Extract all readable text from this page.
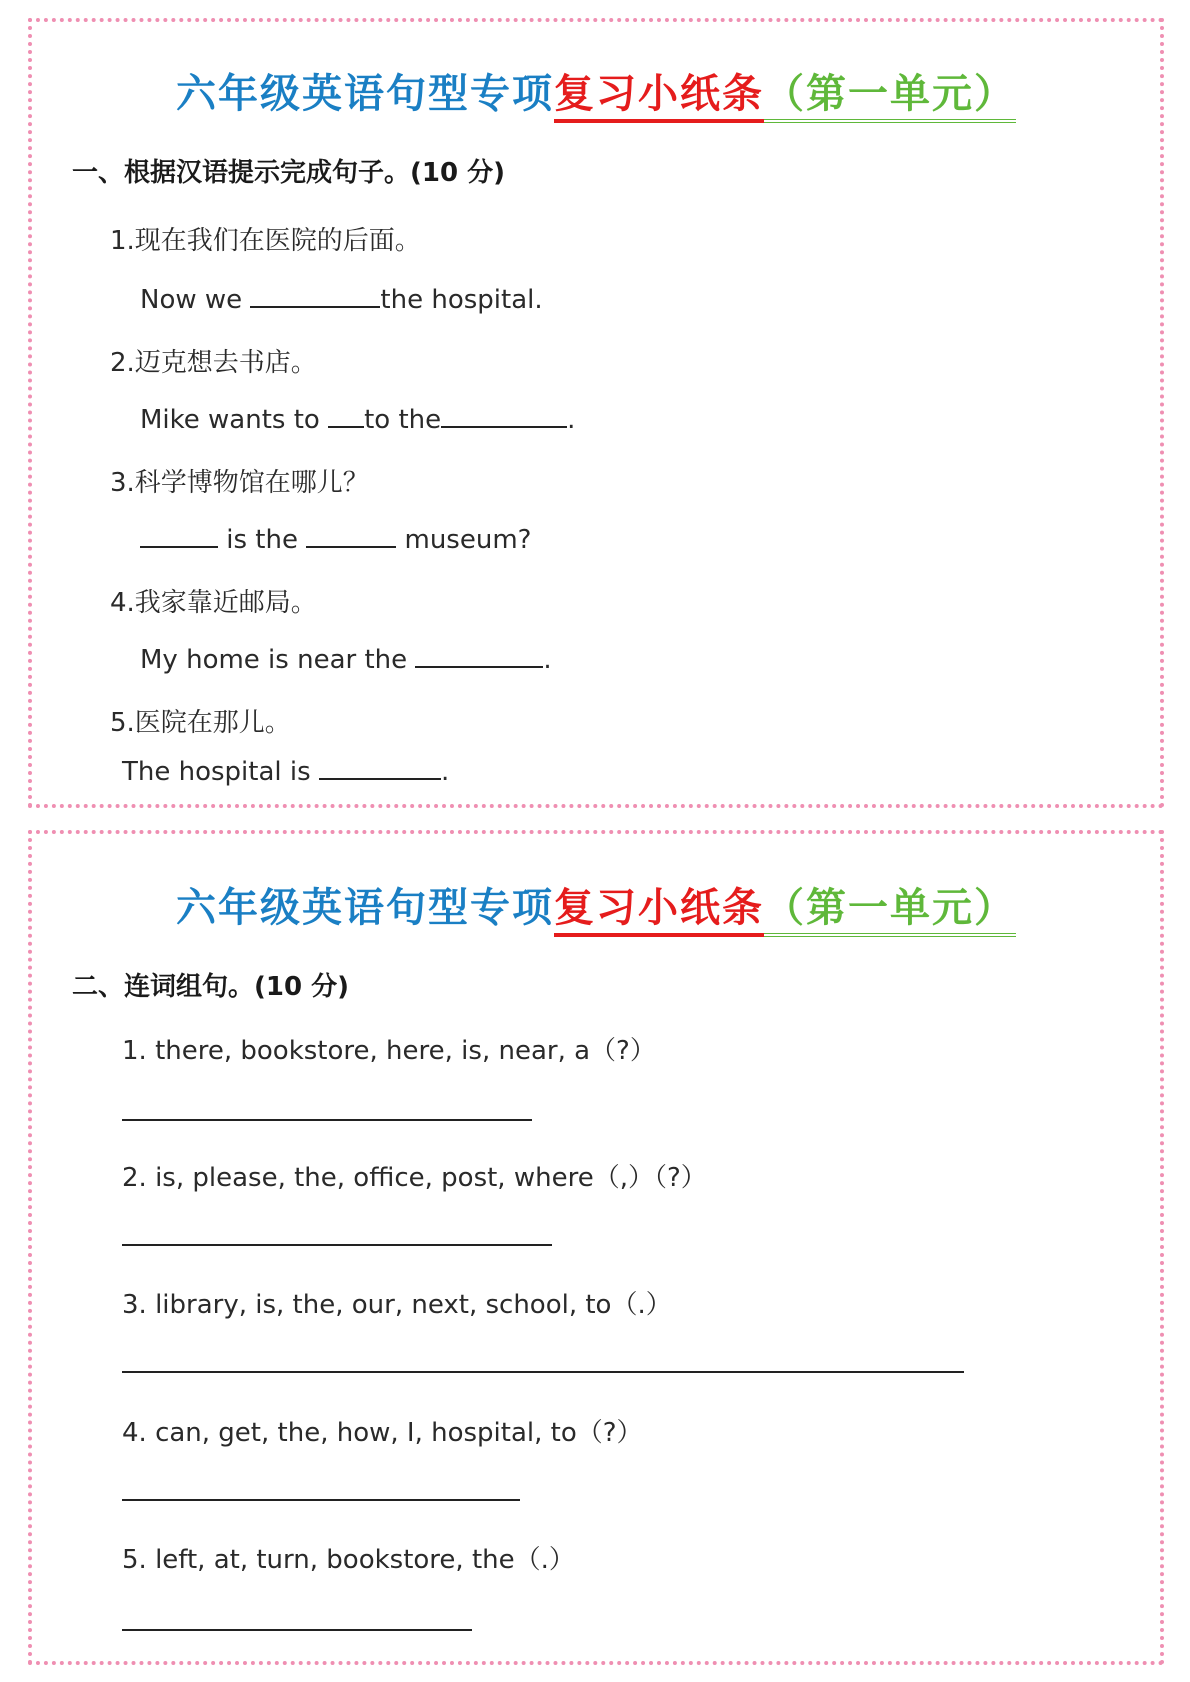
六年级英语句型专项复习小纸条（第一单元）
一、根据汉语提示完成句子。(10 分)
1.现在我们在医院的后面。
Now we	the hospital.
2.迈克想去书店。
Mike wants to to the	.
3.科学博物馆在哪儿？
is the	museum?
4.我家靠近邮局。
My home is near the	.
5.医院在那儿。
The hospital is	.
六年级英语句型专项复习小纸条（第一单元）
二、连词组句。(10 分)
1. there, bookstore, here, is, near, a（?）
2. is, please, the, office, post, where（,）（?）
3. library, is, the, our, next, school, to（.）
4. can, get, the, how, I, hospital, to（?）
5. left, at, turn, bookstore, the（.）
